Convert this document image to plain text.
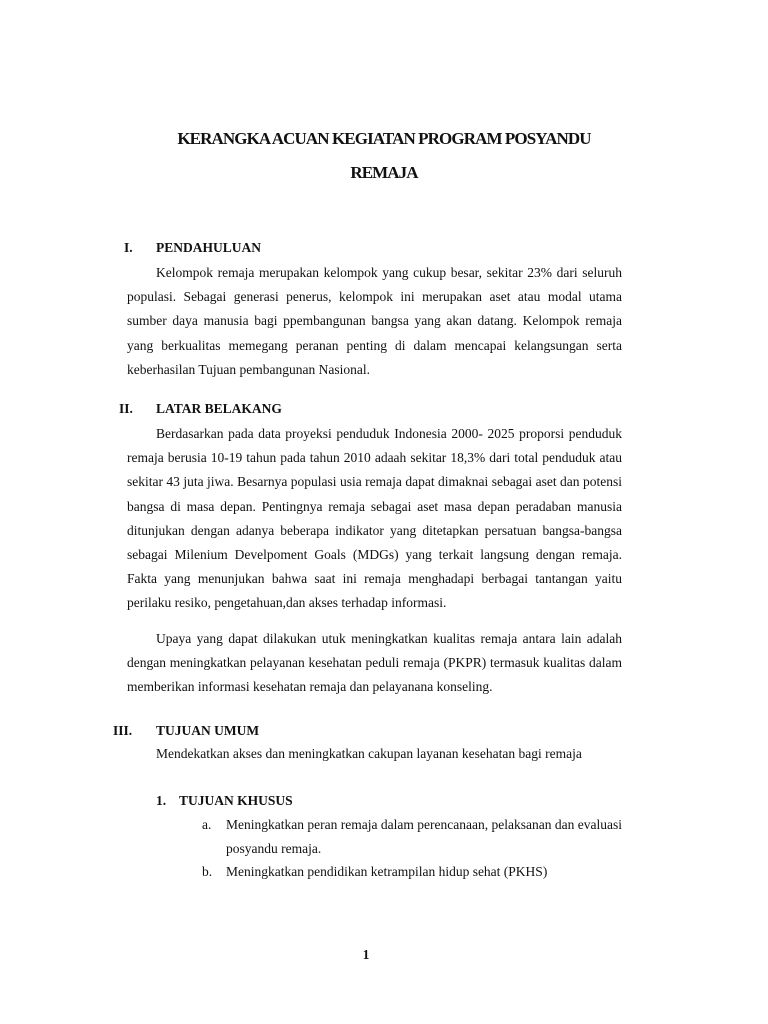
KERANGKA ACUAN KEGIATAN PROGRAM POSYANDU
REMAJA
I. PENDAHULUAN

Kelompok remaja merupakan kelompok yang cukup besar, sekitar 23% dari seluruh populasi. Sebagai generasi penerus, kelompok ini merupakan aset atau modal utama sumber daya manusia bagi ppembangunan bangsa yang akan datang. Kelompok remaja yang berkualitas memegang peranan penting di dalam mencapai kelangsungan serta keberhasilan Tujuan pembangunan Nasional.

II. LATAR BELAKANG

Berdasarkan pada data proyeksi penduduk Indonesia 2000- 2025 proporsi penduduk remaja berusia 10-19 tahun pada tahun 2010 adaah sekitar 18,3% dari total penduduk atau sekitar 43 juta jiwa. Besarnya populasi usia remaja dapat dimaknai sebagai aset dan potensi bangsa di masa depan. Pentingnya remaja sebagai aset masa depan peradaban manusia ditunjukan dengan adanya beberapa indikator yang ditetapkan persatuan bangsa-bangsa sebagai Milenium Develpoment Goals (MDGs) yang terkait langsung dengan remaja. Fakta yang menunjukan bahwa saat ini remaja menghadapi berbagai tantangan yaitu perilaku resiko, pengetahuan,dan akses terhadap informasi.

Upaya yang dapat dilakukan utuk meningkatkan kualitas remaja antara lain adalah dengan meningkatkan pelayanan kesehatan peduli remaja (PKPR) termasuk kualitas dalam memberikan informasi kesehatan remaja dan pelayanana konseling.

III. TUJUAN UMUM

Mendekatkan akses dan meningkatkan cakupan layanan kesehatan bagi remaja

1. TUJUAN KHUSUS
a. Meningkatkan peran remaja dalam perencanaan, pelaksanan dan evaluasi posyandu remaja.

b. Meningkatkan pendidikan ketrampilan hidup sehat (PKHS)

1
